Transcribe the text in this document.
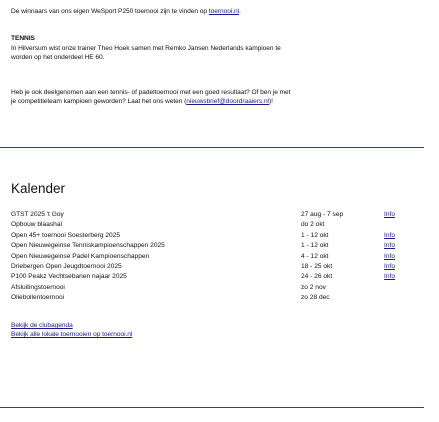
De winnaars van ons eigen WeSport P250 toernooi zijn te vinden op toernooi.nl.
TENNIS
In Hilversum wist onze trainer Theo Hoek samen met Remko Jansen Nederlands kampioen te
worden op het onderdeel HE 60.
Heb je ook deelgenomen aan een tennis- of padeltoernooi met een goed resultaat? Of ben je met
je competitieteam kampioen geworden? Laat het ons weten (nieuwsbrief@doordraaiers.nl)!
Kalender
GTST 2025 't Goy	27 aug - 7 sep	Info
Opbouw blaashal	do 2 okt	
Open 45+ toernooi Soesterberg 2025	1 - 12 okt	Info
Open Nieuwegeinse Tenniskampioenschappen 2025	1 - 12 okt	Info
Open Nieuwegeinse Padel Kampioenschappen	4 - 12 okt	Info
Driebergen Open Jeugdtoernooi 2025	18 - 25 okt	Info
P100 Peakz Vechtsebanen najaar 2025	24 - 26 okt	Info
Afsluitingstoernooi	zo 2 nov	
Oliebollentoernooi	zo 28 dec	
Bekijk de clubagenda
Bekijk alle lokale toernooien op toernooi.nl
